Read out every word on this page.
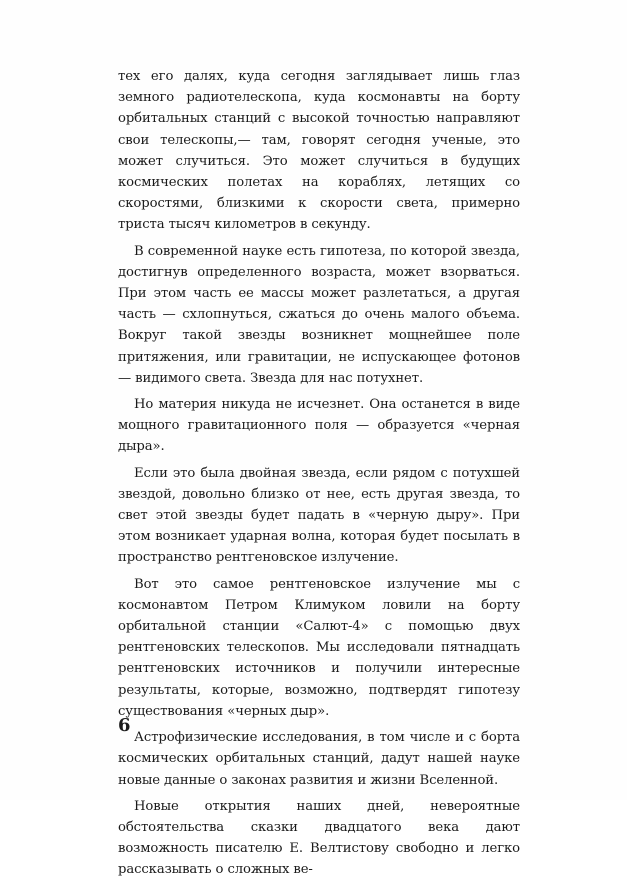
тех его далях, куда сегодня заглядывает лишь глаз земного радиотелескопа, куда космонавты на борту орбитальных станций с высокой точностью направляют свои телескопы,— там, говорят сегодня ученые, это может случиться. Это может случиться в будущих космических полетах на кораблях, летящих со скоростями, близкими к скорости света, примерно триста тысяч километров в секунду.

В современной науке есть гипотеза, по которой звезда, достигнув определенного возраста, может взорваться. При этом часть ее массы может разлетаться, а другая часть — схлопнуться, сжаться до очень малого объема. Вокруг такой звезды возникнет мощнейшее поле притяжения, или гравитации, не испускающее фотонов — видимого света. Звезда для нас потухнет.

Но материя никуда не исчезнет. Она останется в виде мощного гравитационного поля — образуется «черная дыра».

Если это была двойная звезда, если рядом с потухшей звездой, довольно близко от нее, есть другая звезда, то свет этой звезды будет падать в «черную дыру». При этом возникает ударная волна, которая будет посылать в пространство рентгеновское излучение.

Вот это самое рентгеновское излучение мы с космонавтом Петром Климуком ловили на борту орбитальной станции «Салют-4» с помощью двух рентгеновских телескопов. Мы исследовали пятнадцать рентгеновских источников и получили интересные результаты, которые, возможно, подтвердят гипотезу существования «черных дыр».

Астрофизические исследования, в том числе и с борта космических орбитальных станций, дадут нашей науке новые данные о законах развития и жизни Вселенной.

Новые открытия наших дней, невероятные обстоятельства сказки двадцатого века дают возможность писателю Е. Велтистову свободно и легко рассказывать о сложных ве-

6
